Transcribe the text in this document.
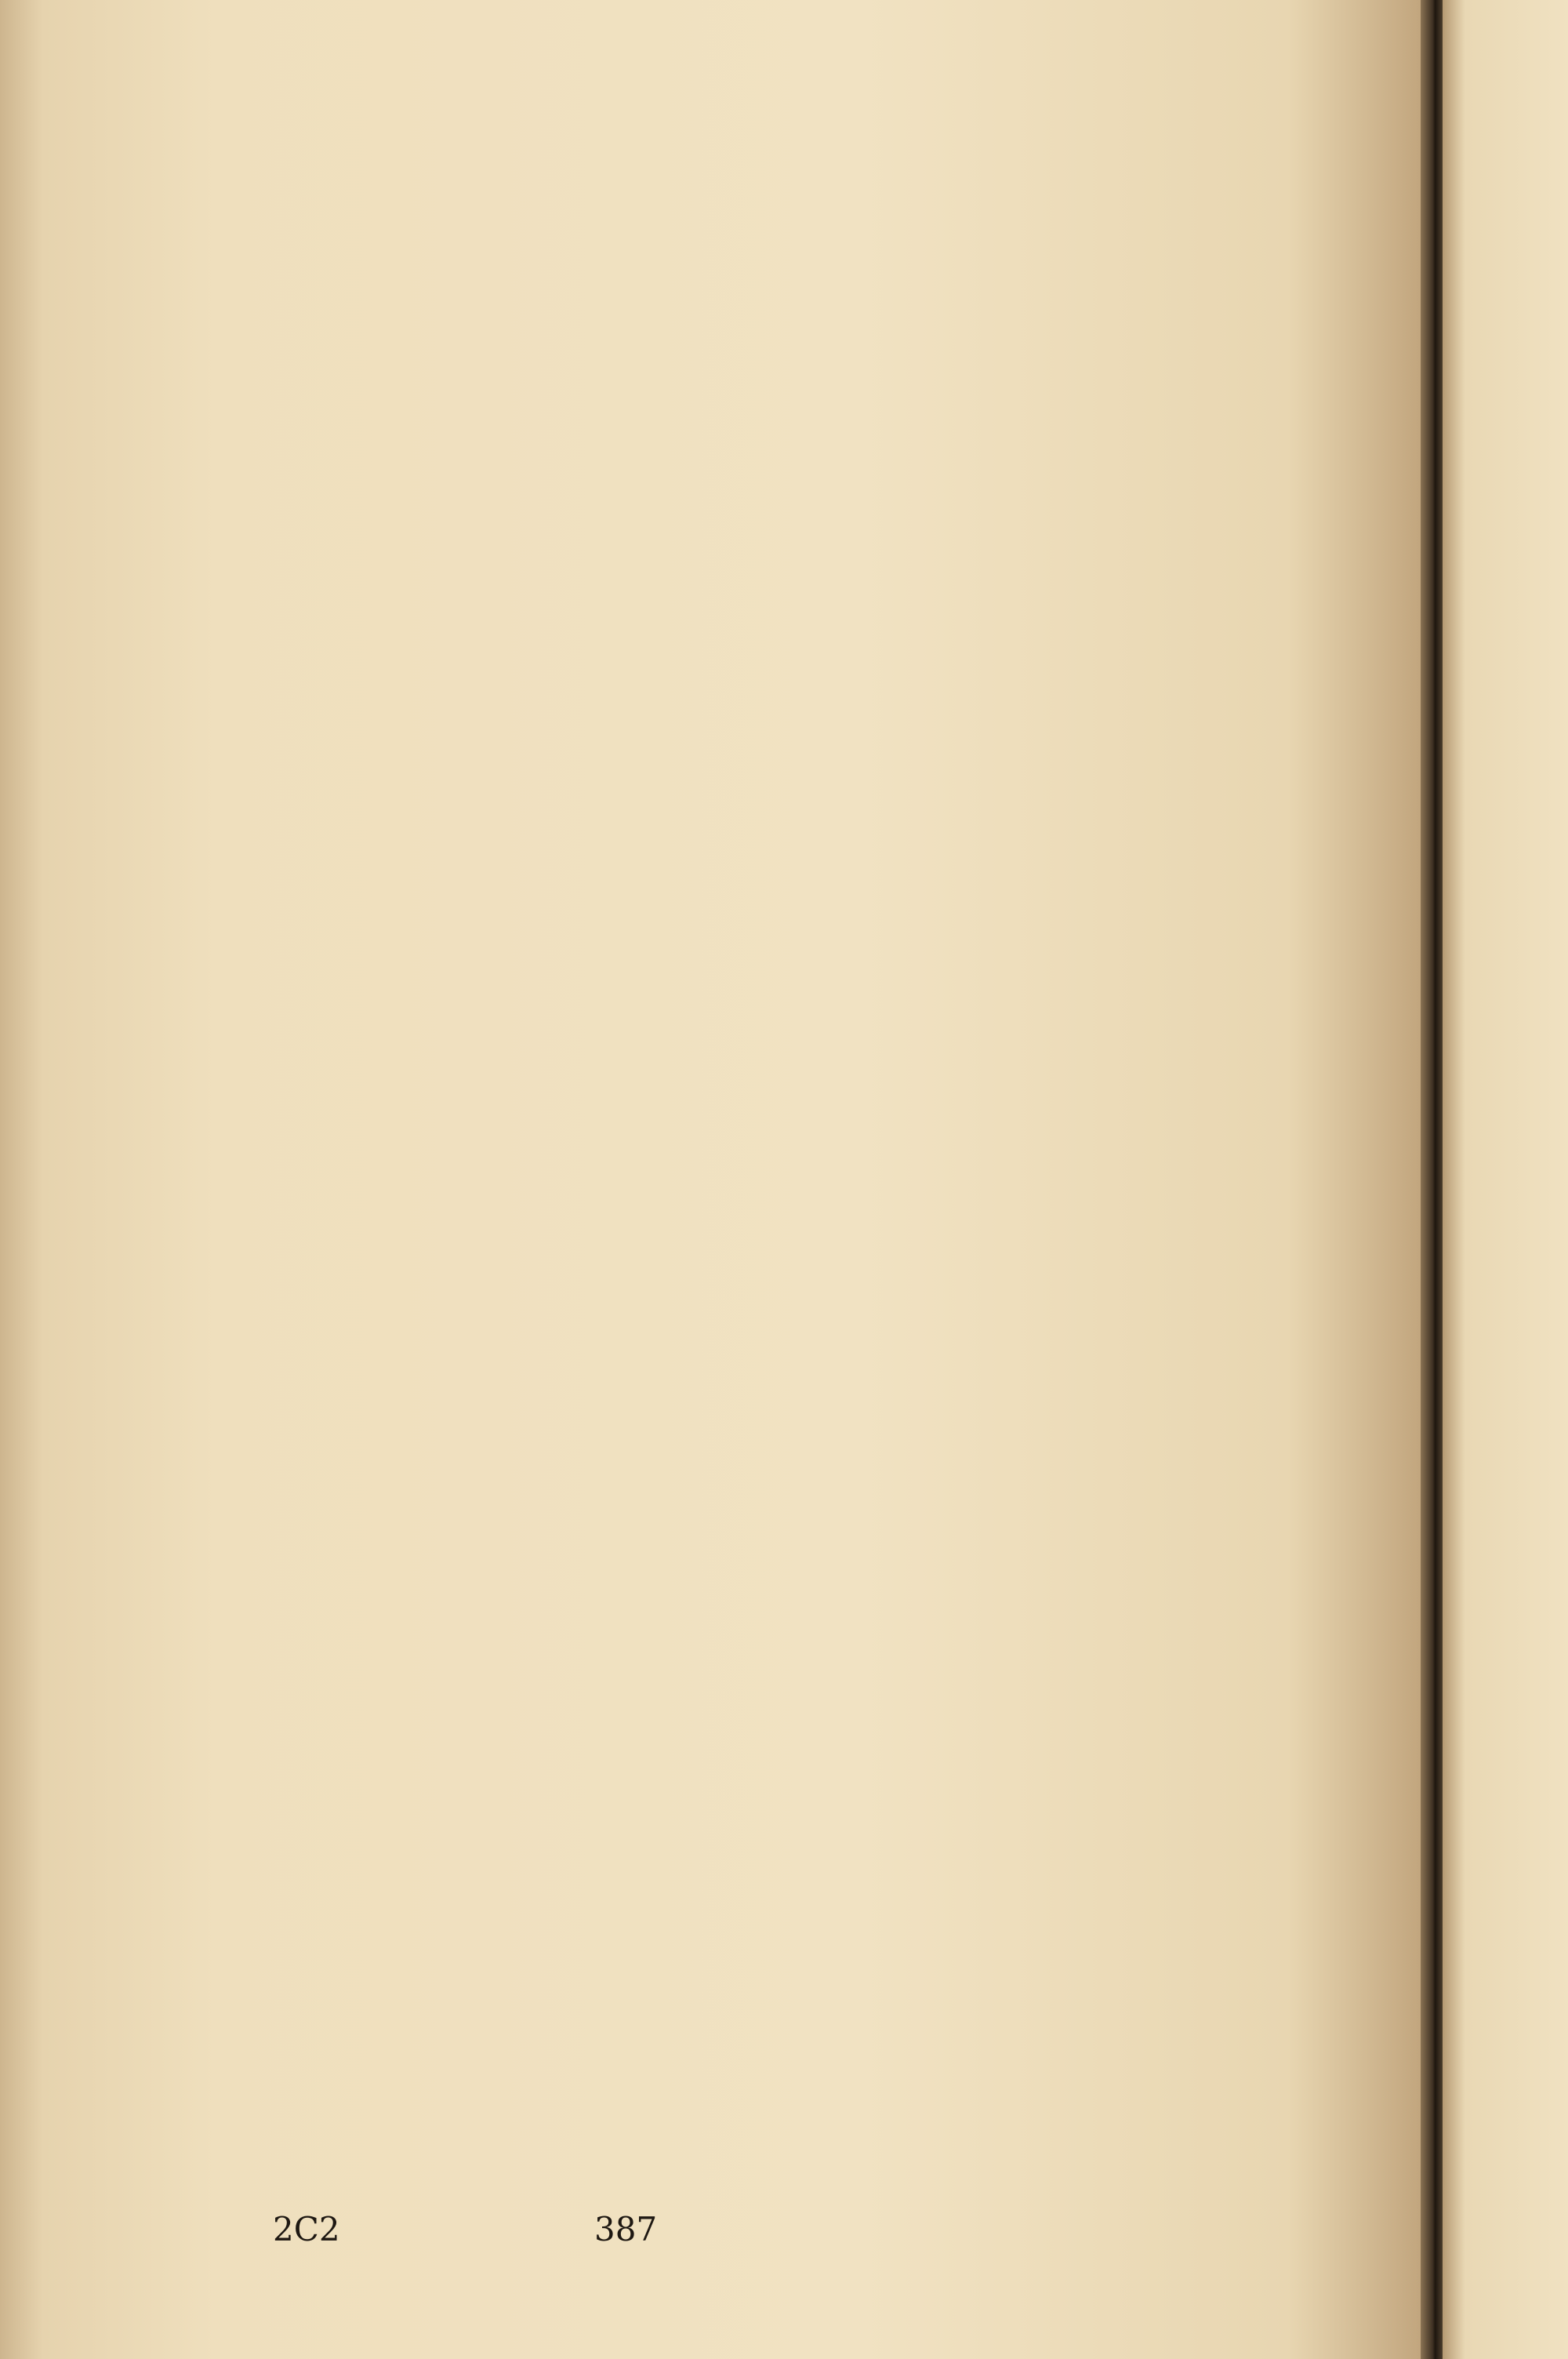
2C2	387
